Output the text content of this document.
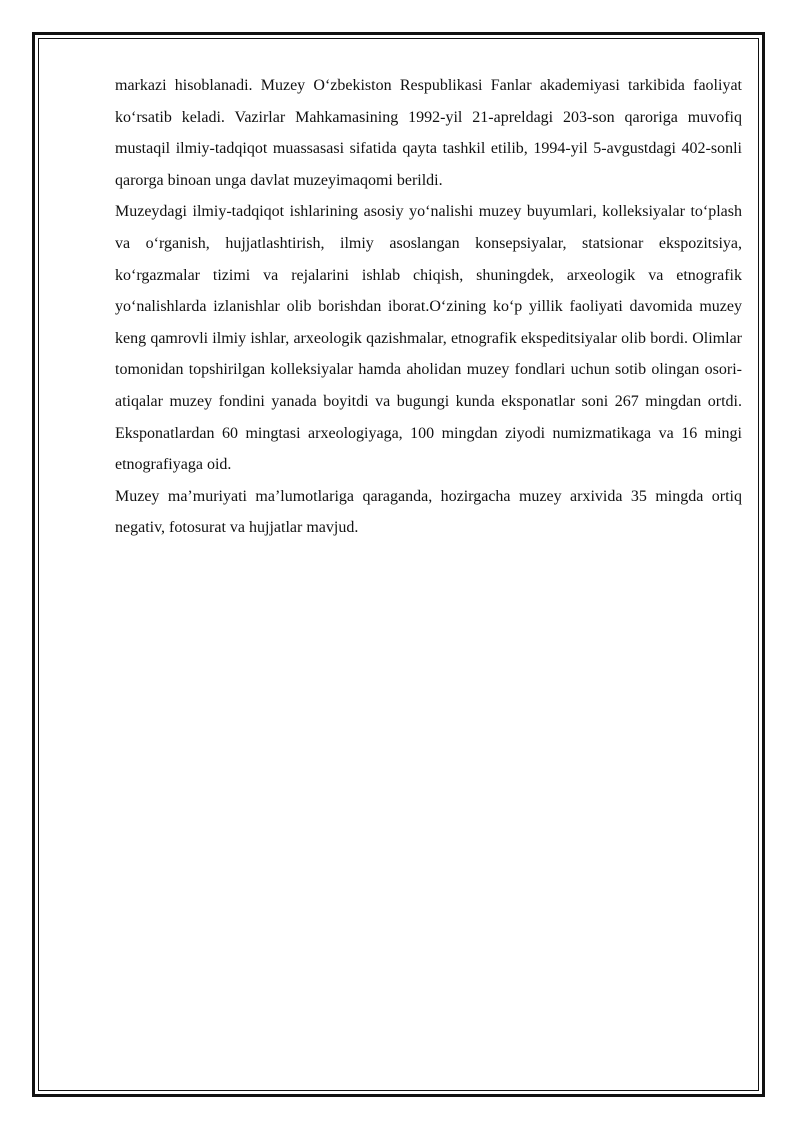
markazi hisoblanadi. Muzey O‘zbekiston Respublikasi Fanlar akademiyasi tarkibida faoliyat ko‘rsatib keladi. Vazirlar Mahkamasining 1992-yil 21-apreldagi 203-son qaroriga muvofiq mustaqil ilmiy-tadqiqot muassasasi sifatida qayta tashkil etilib, 1994-yil 5-avgustdagi 402-sonli qarorga binoan unga davlat muzeyimaqomi berildi.

Muzeydagi ilmiy-tadqiqot ishlarining asosiy yo‘nalishi muzey buyumlari, kolleksiyalar to‘plash va o‘rganish, hujjatlashtirish, ilmiy asoslangan konsepsiyalar, statsionar ekspozitsiya, ko‘rgazmalar tizimi va rejalarini ishlab chiqish, shuningdek, arxeologik va etnografik yo‘nalishlarda izlanishlar olib borishdan iborat.O‘zining ko‘p yillik faoliyati davomida muzey keng qamrovli ilmiy ishlar, arxeologik qazishmalar, etnografik ekspeditsiyalar olib bordi. Olimlar tomonidan topshirilgan kolleksiyalar hamda aholidan muzey fondlari uchun sotib olingan osori-atiqalar muzey fondini yanada boyitdi va bugungi kunda eksponatlar soni 267 mingdan ortdi. Eksponatlardan 60 mingtasi arxeologiyaga, 100 mingdan ziyodi numizmatikaga va 16 mingi etnografiyaga oid.

Muzey ma’muriyati ma’lumotlariga qaraganda, hozirgacha muzey arxivida 35 mingda ortiq negativ, fotosurat va hujjatlar mavjud.
